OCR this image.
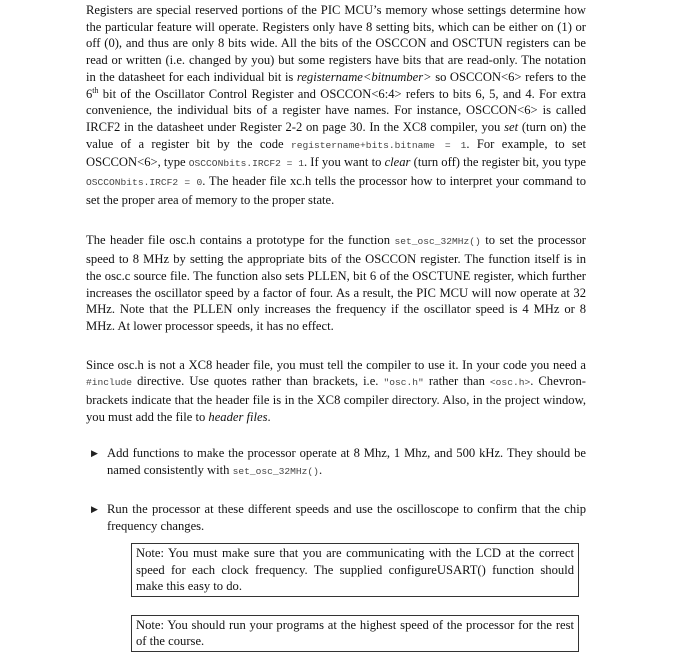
Registers are special reserved portions of the PIC MCU’s memory whose settings determine how the particular feature will operate. Registers only have 8 setting bits, which can be either on (1) or off (0), and thus are only 8 bits wide. All the bits of the OSCCON and OSCTUN registers can be read or written (i.e. changed by you) but some registers have bits that are read-only. The notation in the datasheet for each individual bit is registername<bitnumber> so OSCCON<6> refers to the 6th bit of the Oscillator Control Register and OSCCON<6:4> refers to bits 6, 5, and 4. For extra convenience, the individual bits of a register have names. For instance, OSCCON<6> is called IRCF2 in the datasheet under Register 2-2 on page 30. In the XC8 compiler, you set (turn on) the value of a register bit by the code registername+bits.bitname = 1. For example, to set OSCCON<6>, type OSCCONbits.IRCF2 = 1. If you want to clear (turn off) the register bit, you type OSCCONbits.IRCF2 = 0. The header file xc.h tells the processor how to interpret your command to set the proper area of memory to the proper state.

The header file osc.h contains a prototype for the function set_osc_32MHz() to set the processor speed to 8 MHz by setting the appropriate bits of the OSCCON register. The function itself is in the osc.c source file. The function also sets PLLEN, bit 6 of the OSCTUNE register, which further increases the oscillator speed by a factor of four. As a result, the PIC MCU will now operate at 32 MHz. Note that the PLLEN only increases the frequency if the oscillator speed is 4 MHz or 8 MHz. At lower processor speeds, it has no effect.

Since osc.h is not a XC8 header file, you must tell the compiler to use it. In your code you need a #include directive. Use quotes rather than brackets, i.e. "osc.h" rather than <osc.h>. Chevron-brackets indicate that the header file is in the XC8 compiler directory. Also, in the project window, you must add the file to header files.

▶ Add functions to make the processor operate at 8 Mhz, 1 Mhz, and 500 kHz. They should be named consistently with set_osc_32MHz().
▶ Run the processor at these different speeds and use the oscilloscope to confirm that the chip frequency changes.
Note: You must make sure that you are communicating with the LCD at the correct speed for each clock frequency. The supplied configureUSART() function should make this easy to do.
Note: You should run your programs at the highest speed of the processor for the rest of the course.
